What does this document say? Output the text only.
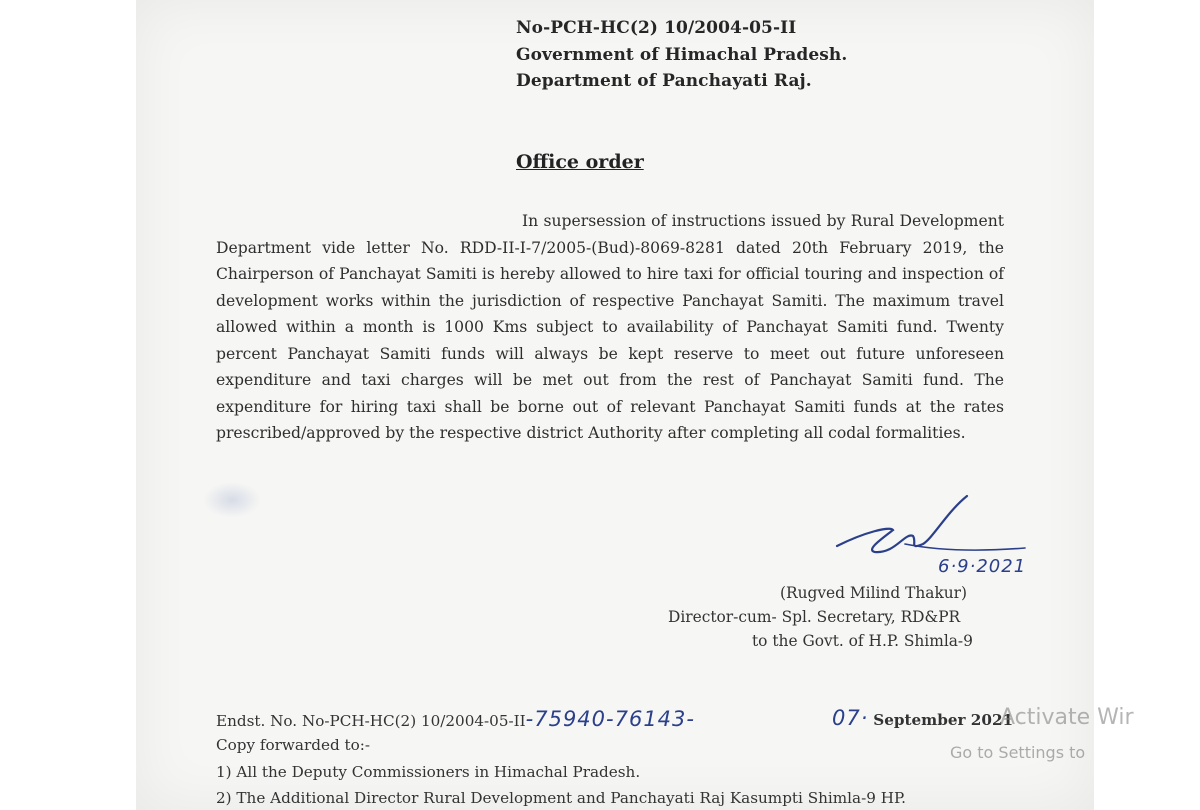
No-PCH-HC(2) 10/2004-05-II
Government of Himachal Pradesh.
Department of Panchayati Raj.
Office order
In supersession of instructions issued by Rural Development Department vide letter No. RDD-II-I-7/2005-(Bud)-8069-8281 dated 20th February 2019, the Chairperson of Panchayat Samiti is hereby allowed to hire taxi for official touring and inspection of development works within the jurisdiction of respective Panchayat Samiti. The maximum travel allowed within a month is 1000 Kms subject to availability of Panchayat Samiti fund. Twenty percent Panchayat Samiti funds will always be kept reserve to meet out future unforeseen expenditure and taxi charges will be met out from the rest of Panchayat Samiti fund. The expenditure for hiring taxi shall be borne out of relevant Panchayat Samiti funds at the rates prescribed/approved by the respective district Authority after completing all codal formalities.
6·9·2021
(Rugved Milind Thakur)
Director-cum- Spl. Secretary, RD&PR
to the Govt. of H.P. Shimla-9
Endst. No. No-PCH-HC(2) 10/2004-05-II-75940-76143-	07· September 2021
Activate Wir
Go to Settings to
Copy forwarded to:-
1) All the Deputy Commissioners in Himachal Pradesh.
2) The Additional Director Rural Development and Panchayati Raj Kasumpti Shimla-9 HP.
